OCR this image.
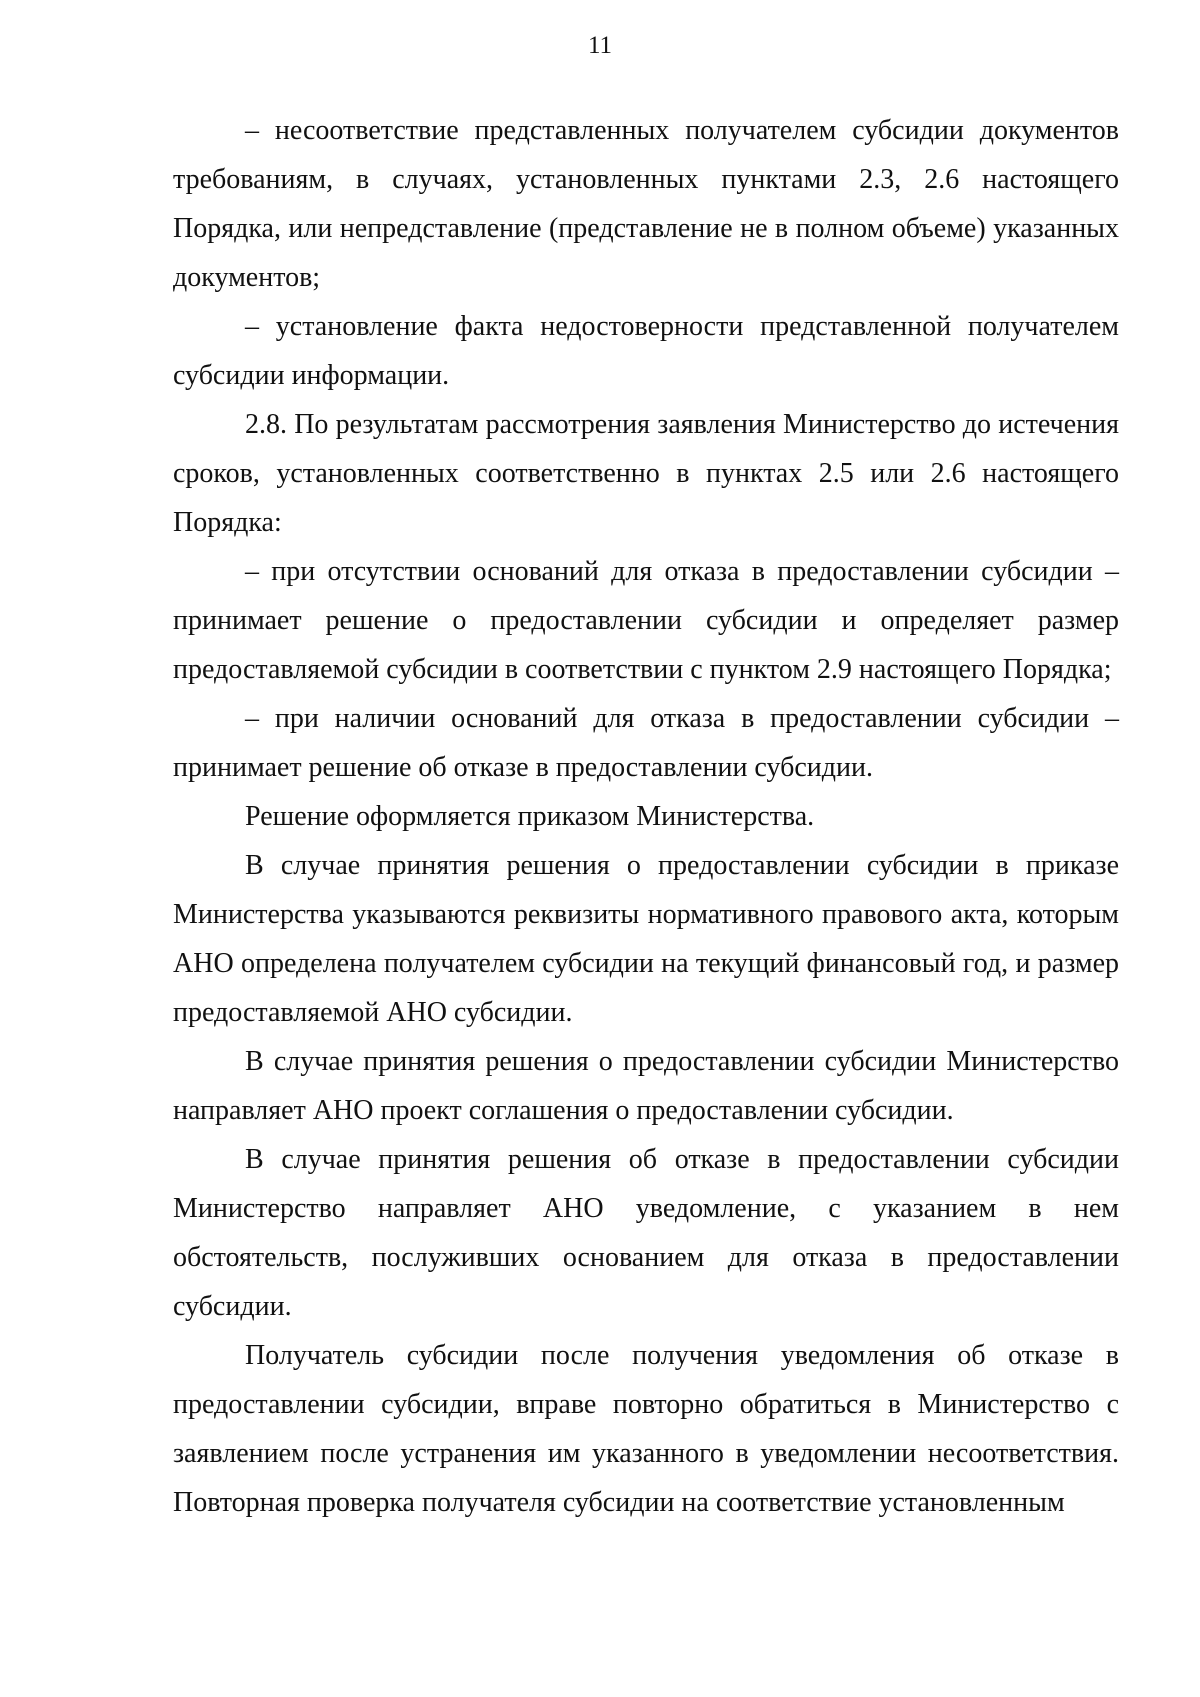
11

– несоответствие представленных получателем субсидии документов требованиям, в случаях, установленных пунктами 2.3, 2.6 настоящего Порядка, или непредставление (представление не в полном объеме) указанных документов;

– установление факта недостоверности представленной получателем субсидии информации.

2.8. По результатам рассмотрения заявления Министерство до истечения сроков, установленных соответственно в пунктах 2.5 или 2.6 настоящего Порядка:

– при отсутствии оснований для отказа в предоставлении субсидии – принимает решение о предоставлении субсидии и определяет размер предоставляемой субсидии в соответствии с пунктом 2.9 настоящего Порядка;

– при наличии оснований для отказа в предоставлении субсидии – принимает решение об отказе в предоставлении субсидии.

Решение оформляется приказом Министерства.

В случае принятия решения о предоставлении субсидии в приказе Министерства указываются реквизиты нормативного правового акта, которым АНО определена получателем субсидии на текущий финансовый год, и размер предоставляемой АНО субсидии.

В случае принятия решения о предоставлении субсидии Министерство направляет АНО проект соглашения о предоставлении субсидии.

В случае принятия решения об отказе в предоставлении субсидии Министерство направляет АНО уведомление, с указанием в нем обстоятельств, послуживших основанием для отказа в предоставлении субсидии.

Получатель субсидии после получения уведомления об отказе в предоставлении субсидии, вправе повторно обратиться в Министерство с заявлением после устранения им указанного в уведомлении несоответствия. Повторная проверка получателя субсидии на соответствие установленным
